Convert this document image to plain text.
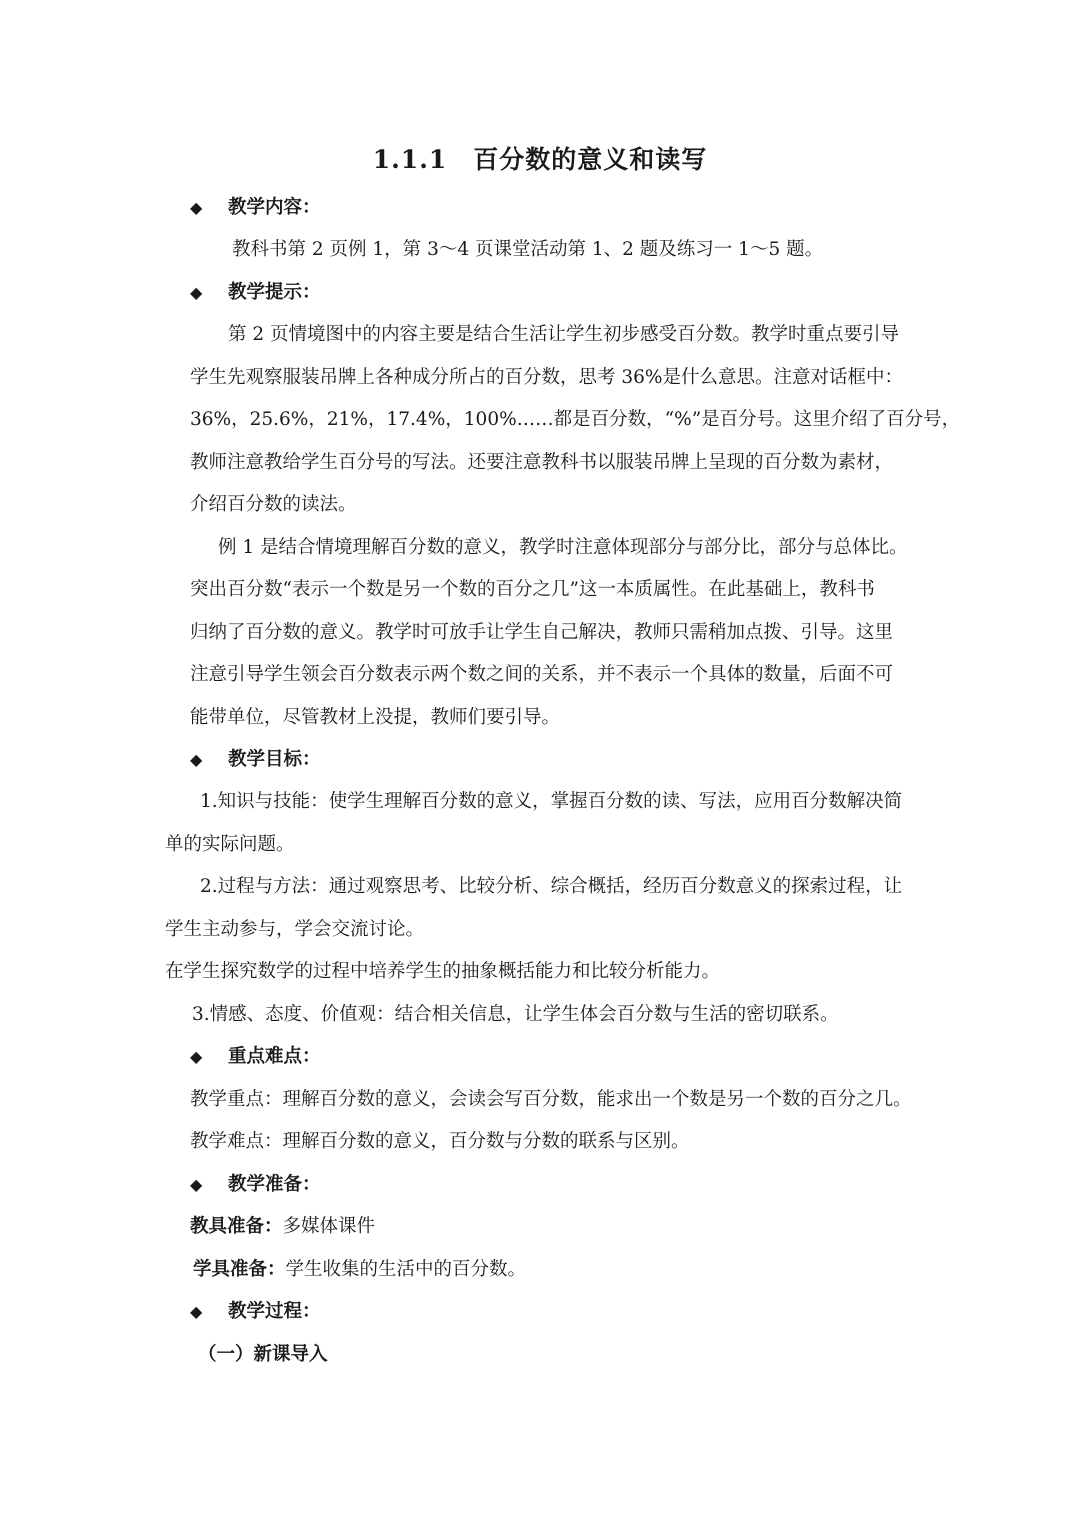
1.1.1　百分数的意义和读写
◆ 教学内容：
教科书第 2 页例 1，第 3～4 页课堂活动第 1、2 题及练习一 1～5 题。
◆ 教学提示：
第 2 页情境图中的内容主要是结合生活让学生初步感受百分数。教学时重点要引导
学生先观察服装吊牌上各种成分所占的百分数，思考 36%是什么意思。注意对话框中：
36%，25.6%，21%，17.4%，100%……都是百分数，“%”是百分号。这里介绍了百分号，
教师注意教给学生百分号的写法。还要注意教科书以服装吊牌上呈现的百分数为素材，
介绍百分数的读法。
例 1 是结合情境理解百分数的意义，教学时注意体现部分与部分比，部分与总体比。
突出百分数“表示一个数是另一个数的百分之几”这一本质属性。在此基础上，教科书
归纳了百分数的意义。教学时可放手让学生自己解决，教师只需稍加点拨、引导。这里
注意引导学生领会百分数表示两个数之间的关系，并不表示一个具体的数量，后面不可
能带单位，尽管教材上没提，教师们要引导。
◆ 教学目标：
1.知识与技能：使学生理解百分数的意义，掌握百分数的读、写法，应用百分数解决简
单的实际问题。
2.过程与方法：通过观察思考、比较分析、综合概括，经历百分数意义的探索过程，让
学生主动参与，学会交流讨论。
在学生探究数学的过程中培养学生的抽象概括能力和比较分析能力。
3.情感、态度、价值观：结合相关信息，让学生体会百分数与生活的密切联系。
◆ 重点难点：
教学重点：理解百分数的意义，会读会写百分数，能求出一个数是另一个数的百分之几。
教学难点：理解百分数的意义，百分数与分数的联系与区别。
◆ 教学准备：
教具准备：多媒体课件
学具准备：学生收集的生活中的百分数。
◆ 教学过程：
（一）新课导入
